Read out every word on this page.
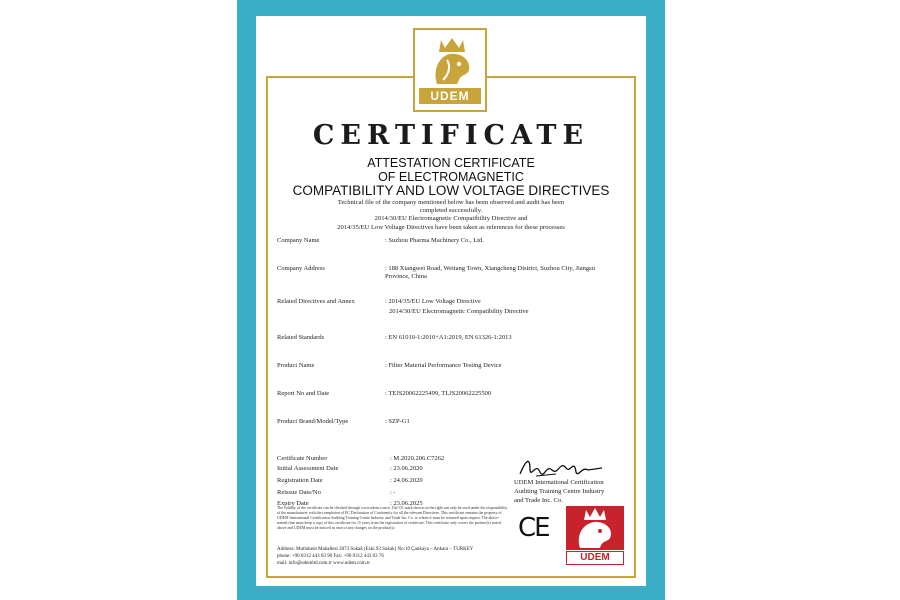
UDEM
CERTIFICATE
ATTESTATION CERTIFICATE
OF ELECTROMAGNETIC
COMPATIBILITY AND LOW VOLTAGE DIRECTIVES
Technical file of the company mentioned below has been observed and audit has been
completed successfully.
2014/30/EU Electromagnetic Compatibility Directive and
2014/35/EU Low Voltage Directives have been taken as references for these processes
Company Name	: Suzhou Pharma Machinery Co., Ltd.
Company Address	: 188 Xiangwei Road, Weitang Town, Xiangcheng District, Suzhou City, Jiangsu Province, China
Related Directives and Annex	: 2014/35/EU Low Voltage Directive
2014/30/EU Electromagnetic Compatibility Directive
Related Standards	: EN 61010-1:2010+A1:2019, EN 61326-1:2013
Product Name	: Filter Material Performance Testing Device
Report No and Date	: TEJS20062225499, TLJS20062225500
Product Brand/Model/Type	: SZP-G1
Certificate Number	: M.2020.206.C7262
Initial Assessment Date	: 23.06.2020
Registration Date	: 24.06.2020
Reissue Date/No	: -
Expiry Date	: 23.06.2025
UDEM International Certification
Auditing Training Centre Industry
and Trade Inc. Co.
CE
UDEM
The validity of the certificate can be checked through www.udem.com.tr. The CE mark shown on the right can only be used under the responsibility of the manufacturer with the completion of EC Declaration of Conformity for all the relevant Directives. This certificate remains the property of UDEM International Certification Auditing Training Centre Industry and Trade Inc. Co. to whom it must be returned upon request. The above-named firm must keep a copy of this certificate for 15 years from the registration of certificate. This certificate only covers the product(s) stated above and UDEM must be noticed in case of any changes on the product(s).
Address: Mutlukent Mahallesi 2073 Sokak (Eski 93 Sokak) No:10 Çankaya – Ankara – TURKEY
phone: +90 0312 443 03 90 Fax: +90 0312 443 03 76
mail: info@udemltd.com.tr www.udem.com.tr
